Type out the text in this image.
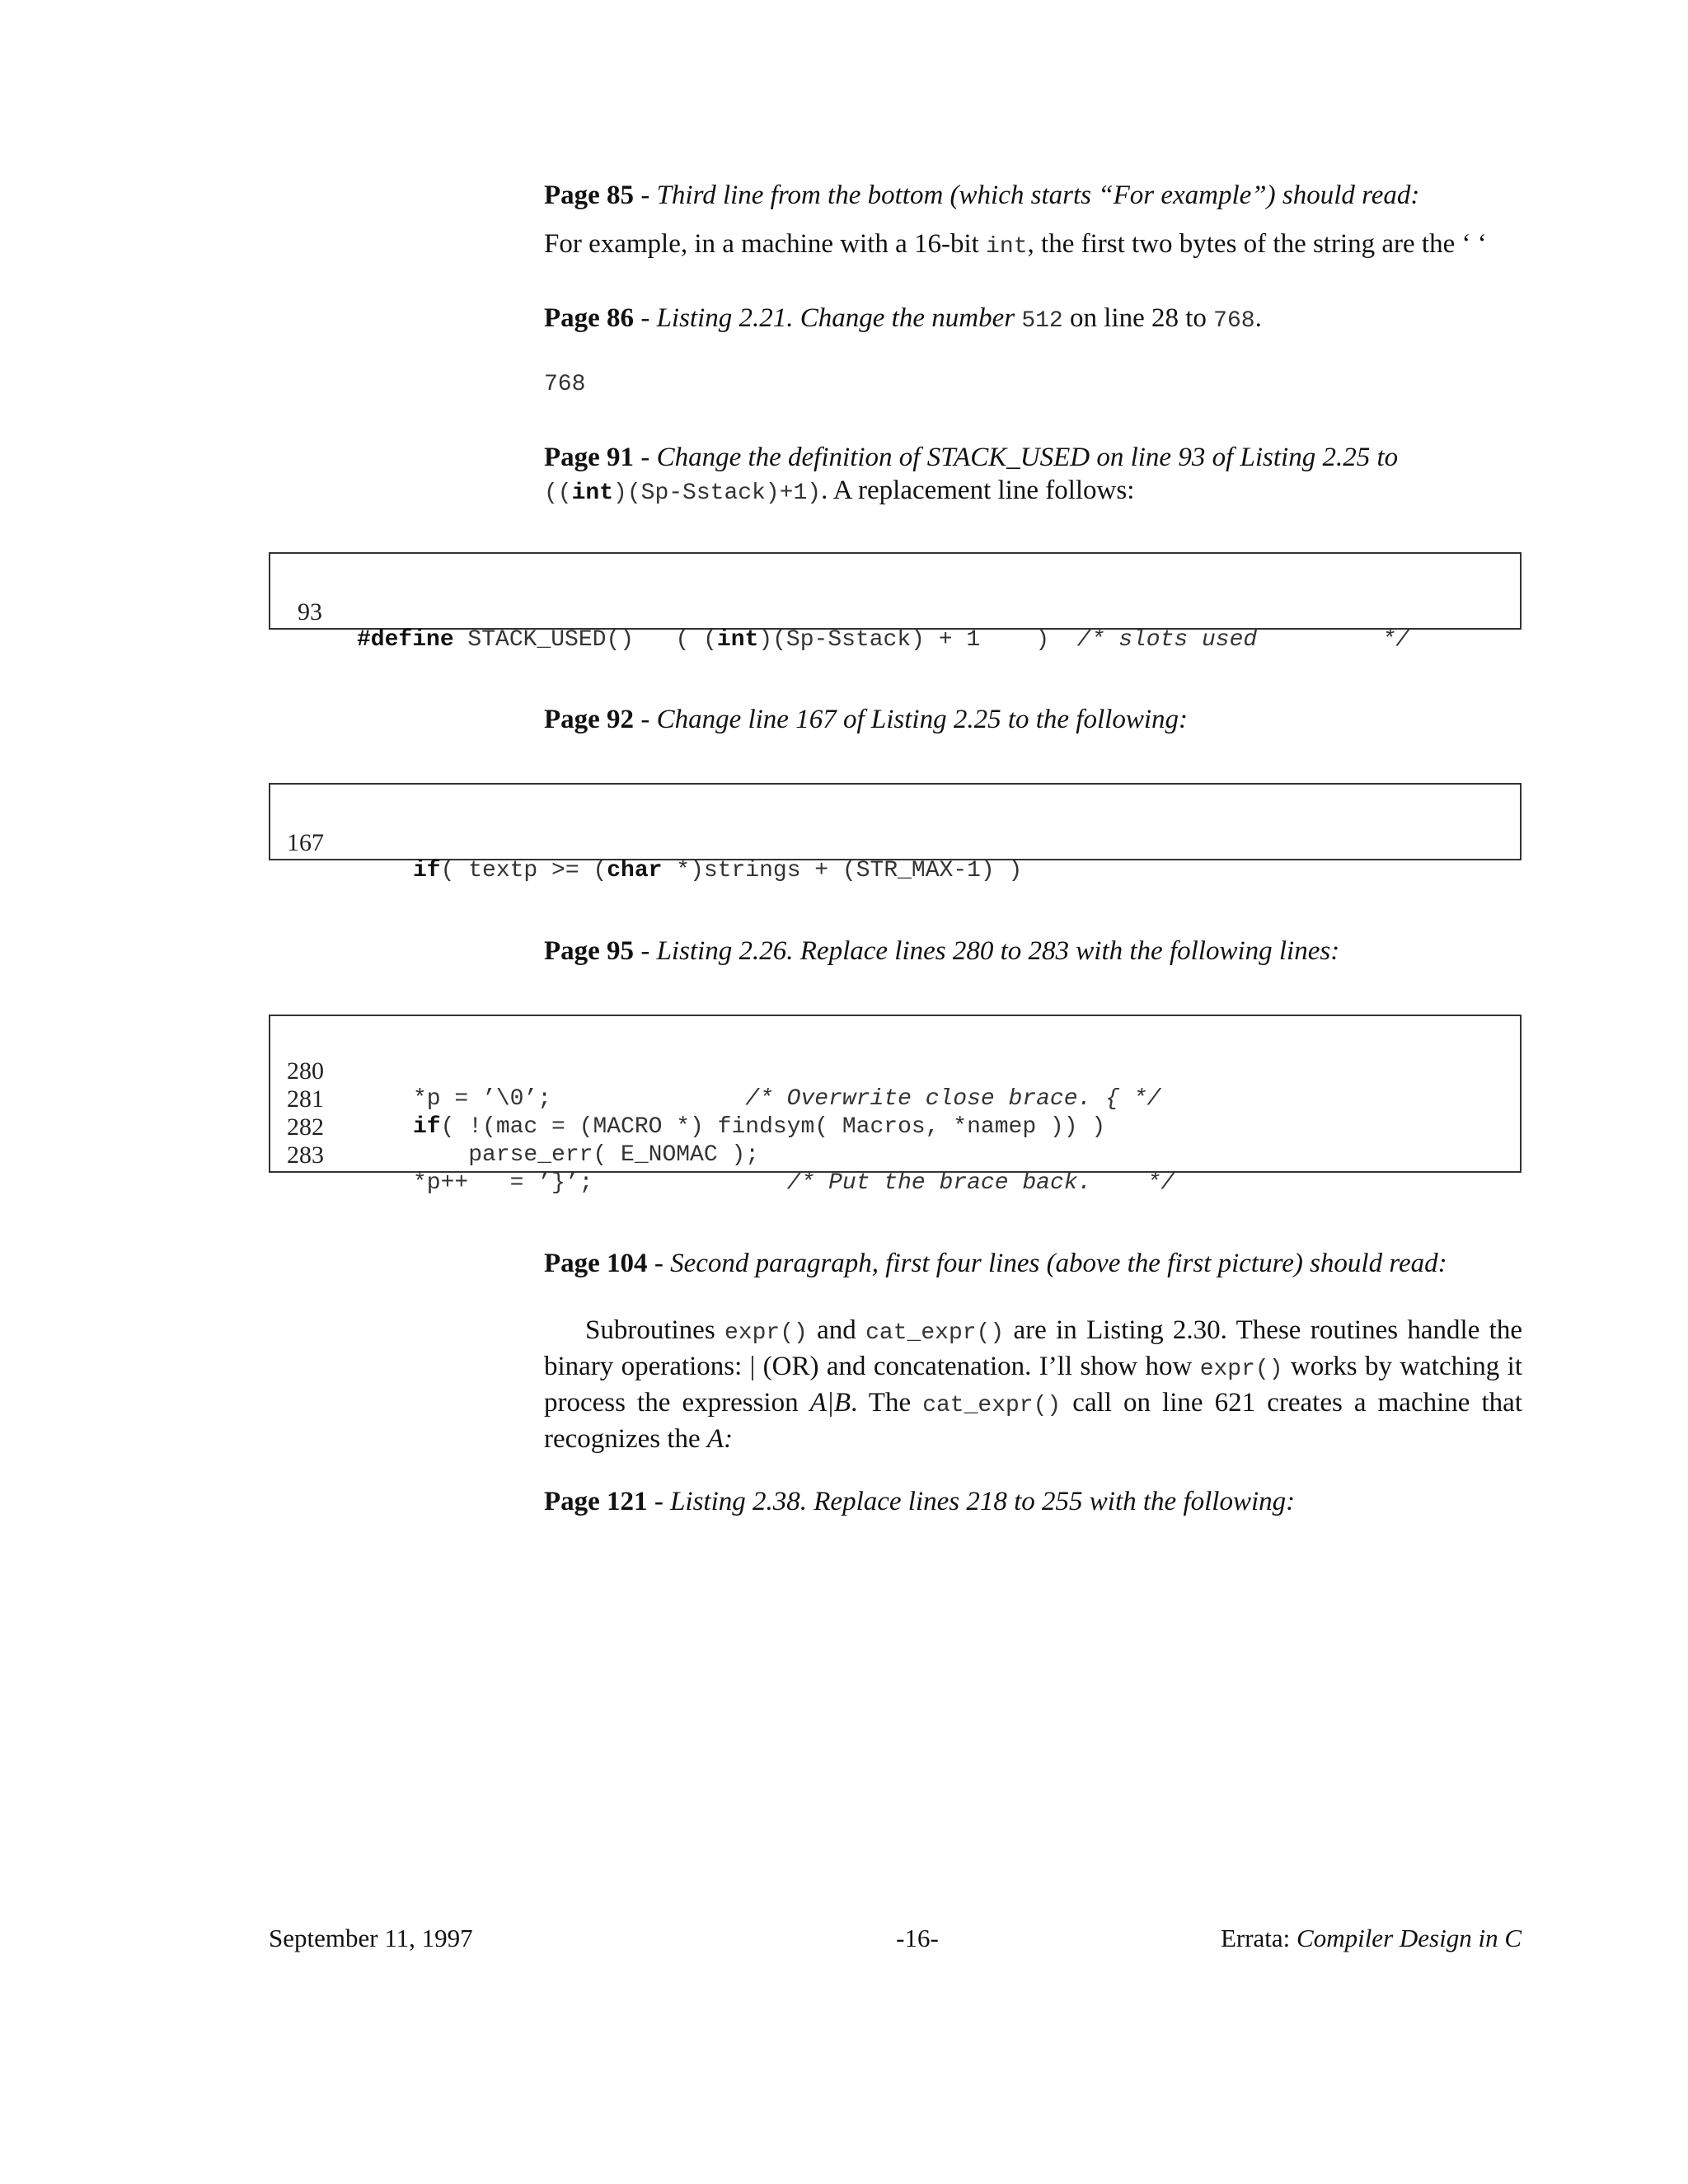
Page 85 - Third line from the bottom (which starts “For example”) should read:

For example, in a machine with a 16-bit int, the first two bytes of the string are the ‘ ‘

Page 86 - Listing 2.21. Change the number 512 on line 28 to 768.

768

Page 91 - Change the definition of STACK_USED on line 93 of Listing 2.25 to
((int)(Sp-Sstack)+1). A replacement line follows:

93

#define STACK_USED()   ( (int)(Sp-Sstack) + 1    )  /* slots used         */

Page 92 - Change line 167 of Listing 2.25 to the following:

167

if( textp >= (char *)strings + (STR_MAX-1) )

Page 95 - Listing 2.26. Replace lines 280 to 283 with the following lines:

280

*p = ’\0’;              /* Overwrite close brace. { */

281

if( !(mac = (MACRO *) findsym( Macros, *namep )) )

282

parse_err( E_NOMAC );

283

*p++   = ’}’;              /* Put the brace back.    */

Page 104 - Second paragraph, first four lines (above the first picture) should read:

Subroutines expr() and cat_expr() are in Listing 2.30. These routines handle the binary operations: | (OR) and concatenation. I’ll show how expr() works by watching it process the expression A|B. The cat_expr() call on line 621 creates a machine that recognizes the A:

Page 121 - Listing 2.38. Replace lines 218 to 255 with the following:

September 11, 1997	-16-	Errata: Compiler Design in C
